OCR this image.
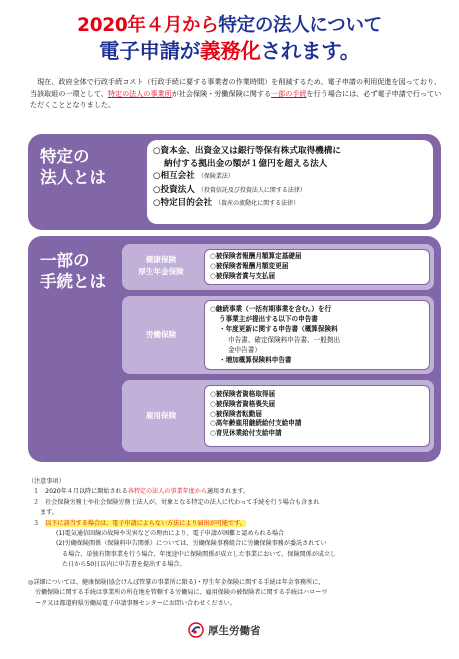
2020年４月から特定の法人について
電子申請が義務化されます。
現在、政府全体で行政手続コスト（行政手続に要する事業者の作業時間）を削減するため、電子申請の利用促進を図っており、当該取組の一環として、特定の法人の事業所が社会保険・労働保険に関する一部の手続を行う場合には、必ず電子申請で行っていただくこととなりました。
特定の
法人とは
○資本金、出資金又は銀行等保有株式取得機構に
納付する拠出金の額が１億円を超える法人
○相互会社 （保険業法）
○投資法人 （投資信託及び投資法人に関する法律）
○特定目的会社 （資産の流動化に関する法律）
一部の
手続とは
健康保険
厚生年金保険
○被保険者報酬月額算定基礎届
○被保険者報酬月額変更届
○被保険者賞与支払届
労働保険
○継続事業（一括有期事業を含む。）を行
う事業主が提出する以下の申告書
・年度更新に関する申告書（概算保険料
申告書、確定保険料申告書、一般拠出
金申告書）
・増加概算保険料申告書
雇用保険
○被保険者資格取得届
○被保険者資格喪失届
○被保険者転勤届
○高年齢雇用継続給付支給申請
○育児休業給付支給申請
（注意事項）
１　2020年４月以降に開始される各特定の法人の事業年度から適用されます。
２　社会保険労務士や社会保険労務士法人が、対象となる特定の法人に代わって手続を行う場合も含まれ
ます。
３　以下に該当する場合は、電子申請によらない方法により届出が可能です。
(1)電気通信回線の故障や災害などの理由により、電子申請が困難と認められる場合
(2)労働保険関係（保険料申告関係）については、労働保険事務組合に労働保険事務が委託されてい
る場合、単独有期事業を行う場合、年度途中に保険関係が成立した事業において、保険関係が成立し
た日から50日以内に申告書を提出する場合。
◎詳細については、健康保険(協会けんぽ管掌の事業所に限る)・厚生年金保険に関する手続は年金事務所に、
労働保険に関する手続は事業所の所在地を管轄する労働局に、雇用保険の被保険者に関する手続はハローワ
ーク又は都道府県労働局電子申請事務センターにお問い合わせください。
厚生労働省
